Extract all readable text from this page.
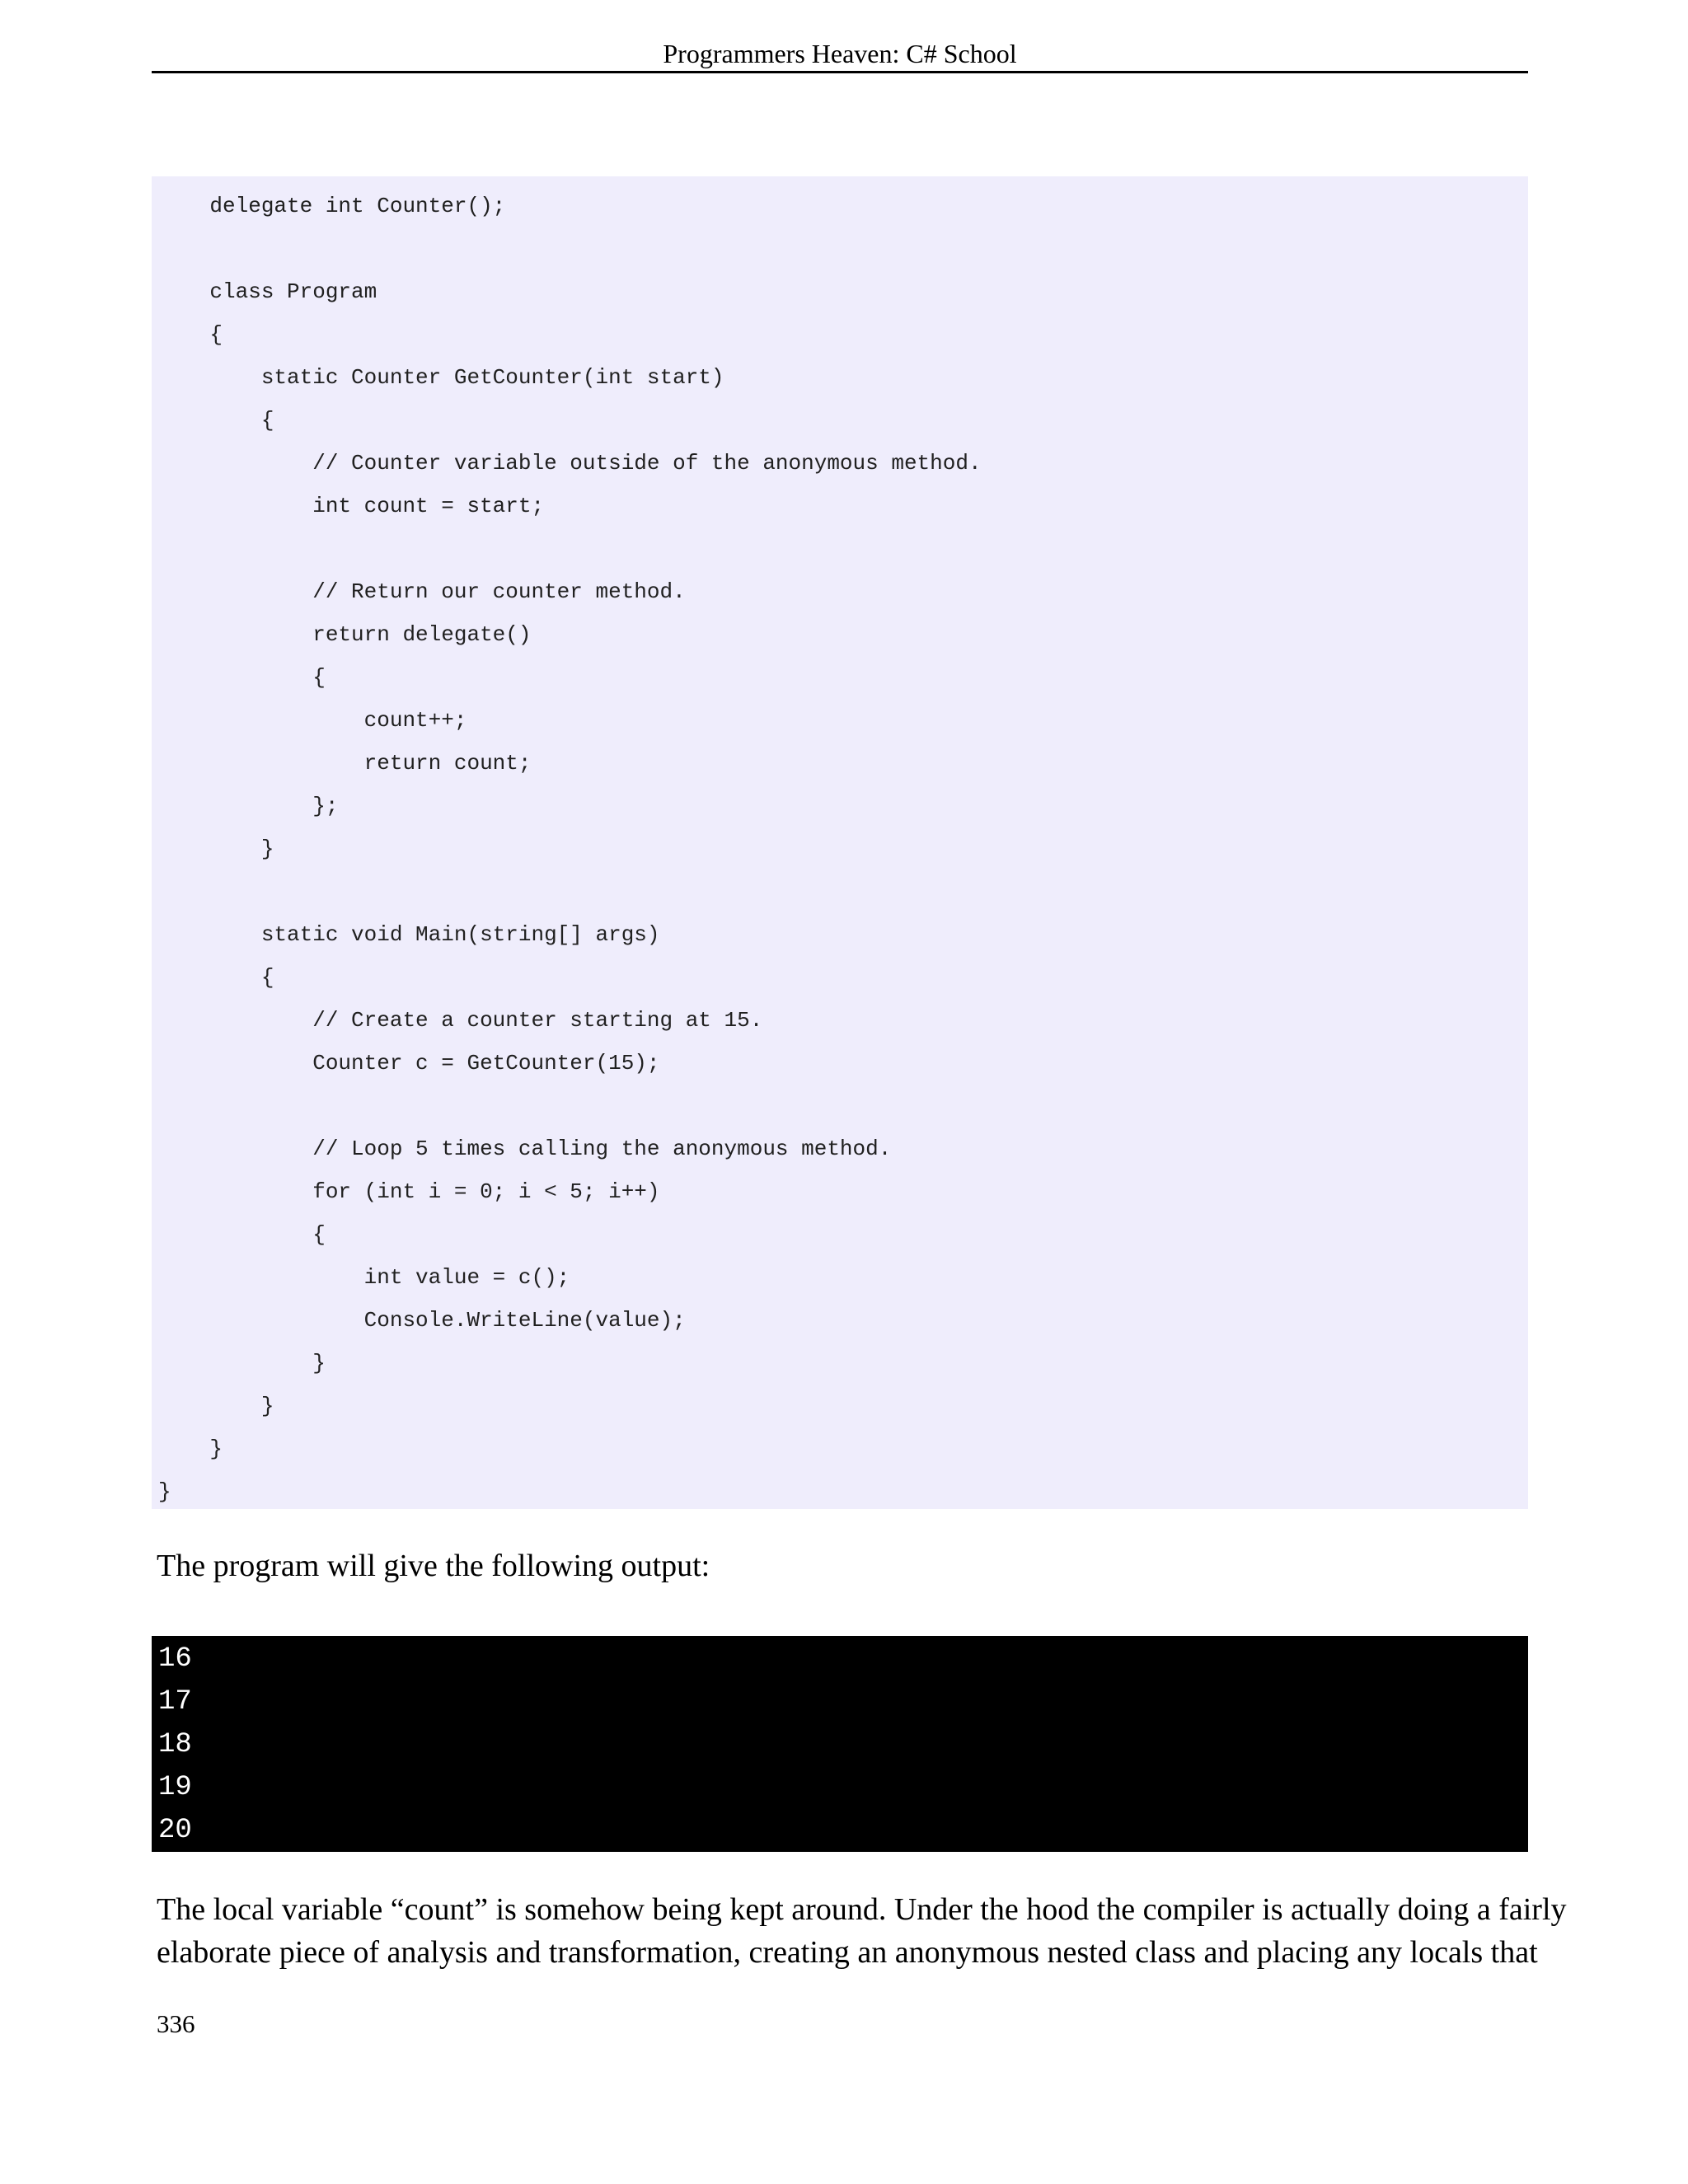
Programmers Heaven: C# School
delegate int Counter();
class Program
{
static Counter GetCounter(int start)
{
// Counter variable outside of the anonymous method.
int count = start;
// Return our counter method.
return delegate()
{
count++;
return count;
};
}
static void Main(string[] args)
{
// Create a counter starting at 15.
Counter c = GetCounter(15);
// Loop 5 times calling the anonymous method.
for (int i = 0; i < 5; i++)
{
int value = c();
Console.WriteLine(value);
}
}
}
}

The program will give the following output:

16
17
18
19
20

The local variable “count” is somehow being kept around. Under the hood the compiler is actually doing a fairly

elaborate piece of analysis and transformation, creating an anonymous nested class and placing any locals that

336
